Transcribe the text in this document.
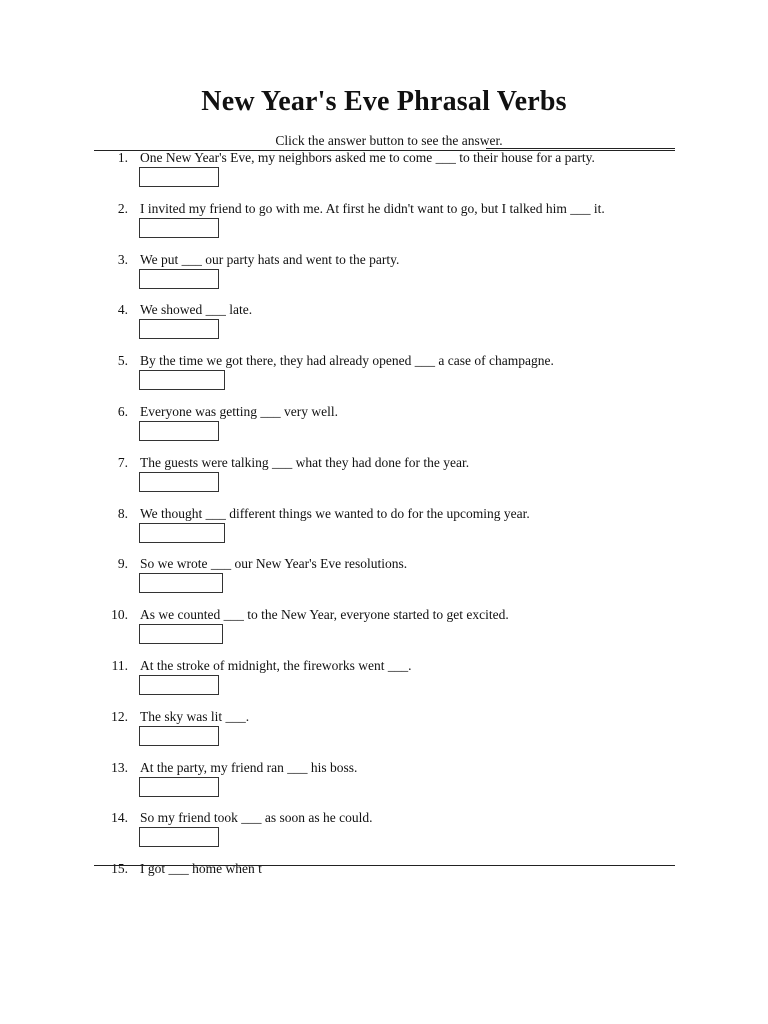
New Year's Eve Phrasal Verbs
Click the answer button to see the answer.
1. One New Year's Eve, my neighbors asked me to come ___ to their house for a party.
2. I invited my friend to go with me. At first he didn't want to go, but I talked him ___ it.
3. We put ___ our party hats and went to the party.
4. We showed ___ late.
5. By the time we got there, they had already opened ___ a case of champagne.
6. Everyone was getting ___ very well.
7. The guests were talking ___ what they had done for the year.
8. We thought ___ different things we wanted to do for the upcoming year.
9. So we wrote ___ our New Year's Eve resolutions.
10. As we counted ___ to the New Year, everyone started to get excited.
11. At the stroke of midnight, the fireworks went ___.
12. The sky was lit ___.
13. At the party, my friend ran ___ his boss.
14. So my friend took ___ as soon as he could.
15. I got ___ home when t
